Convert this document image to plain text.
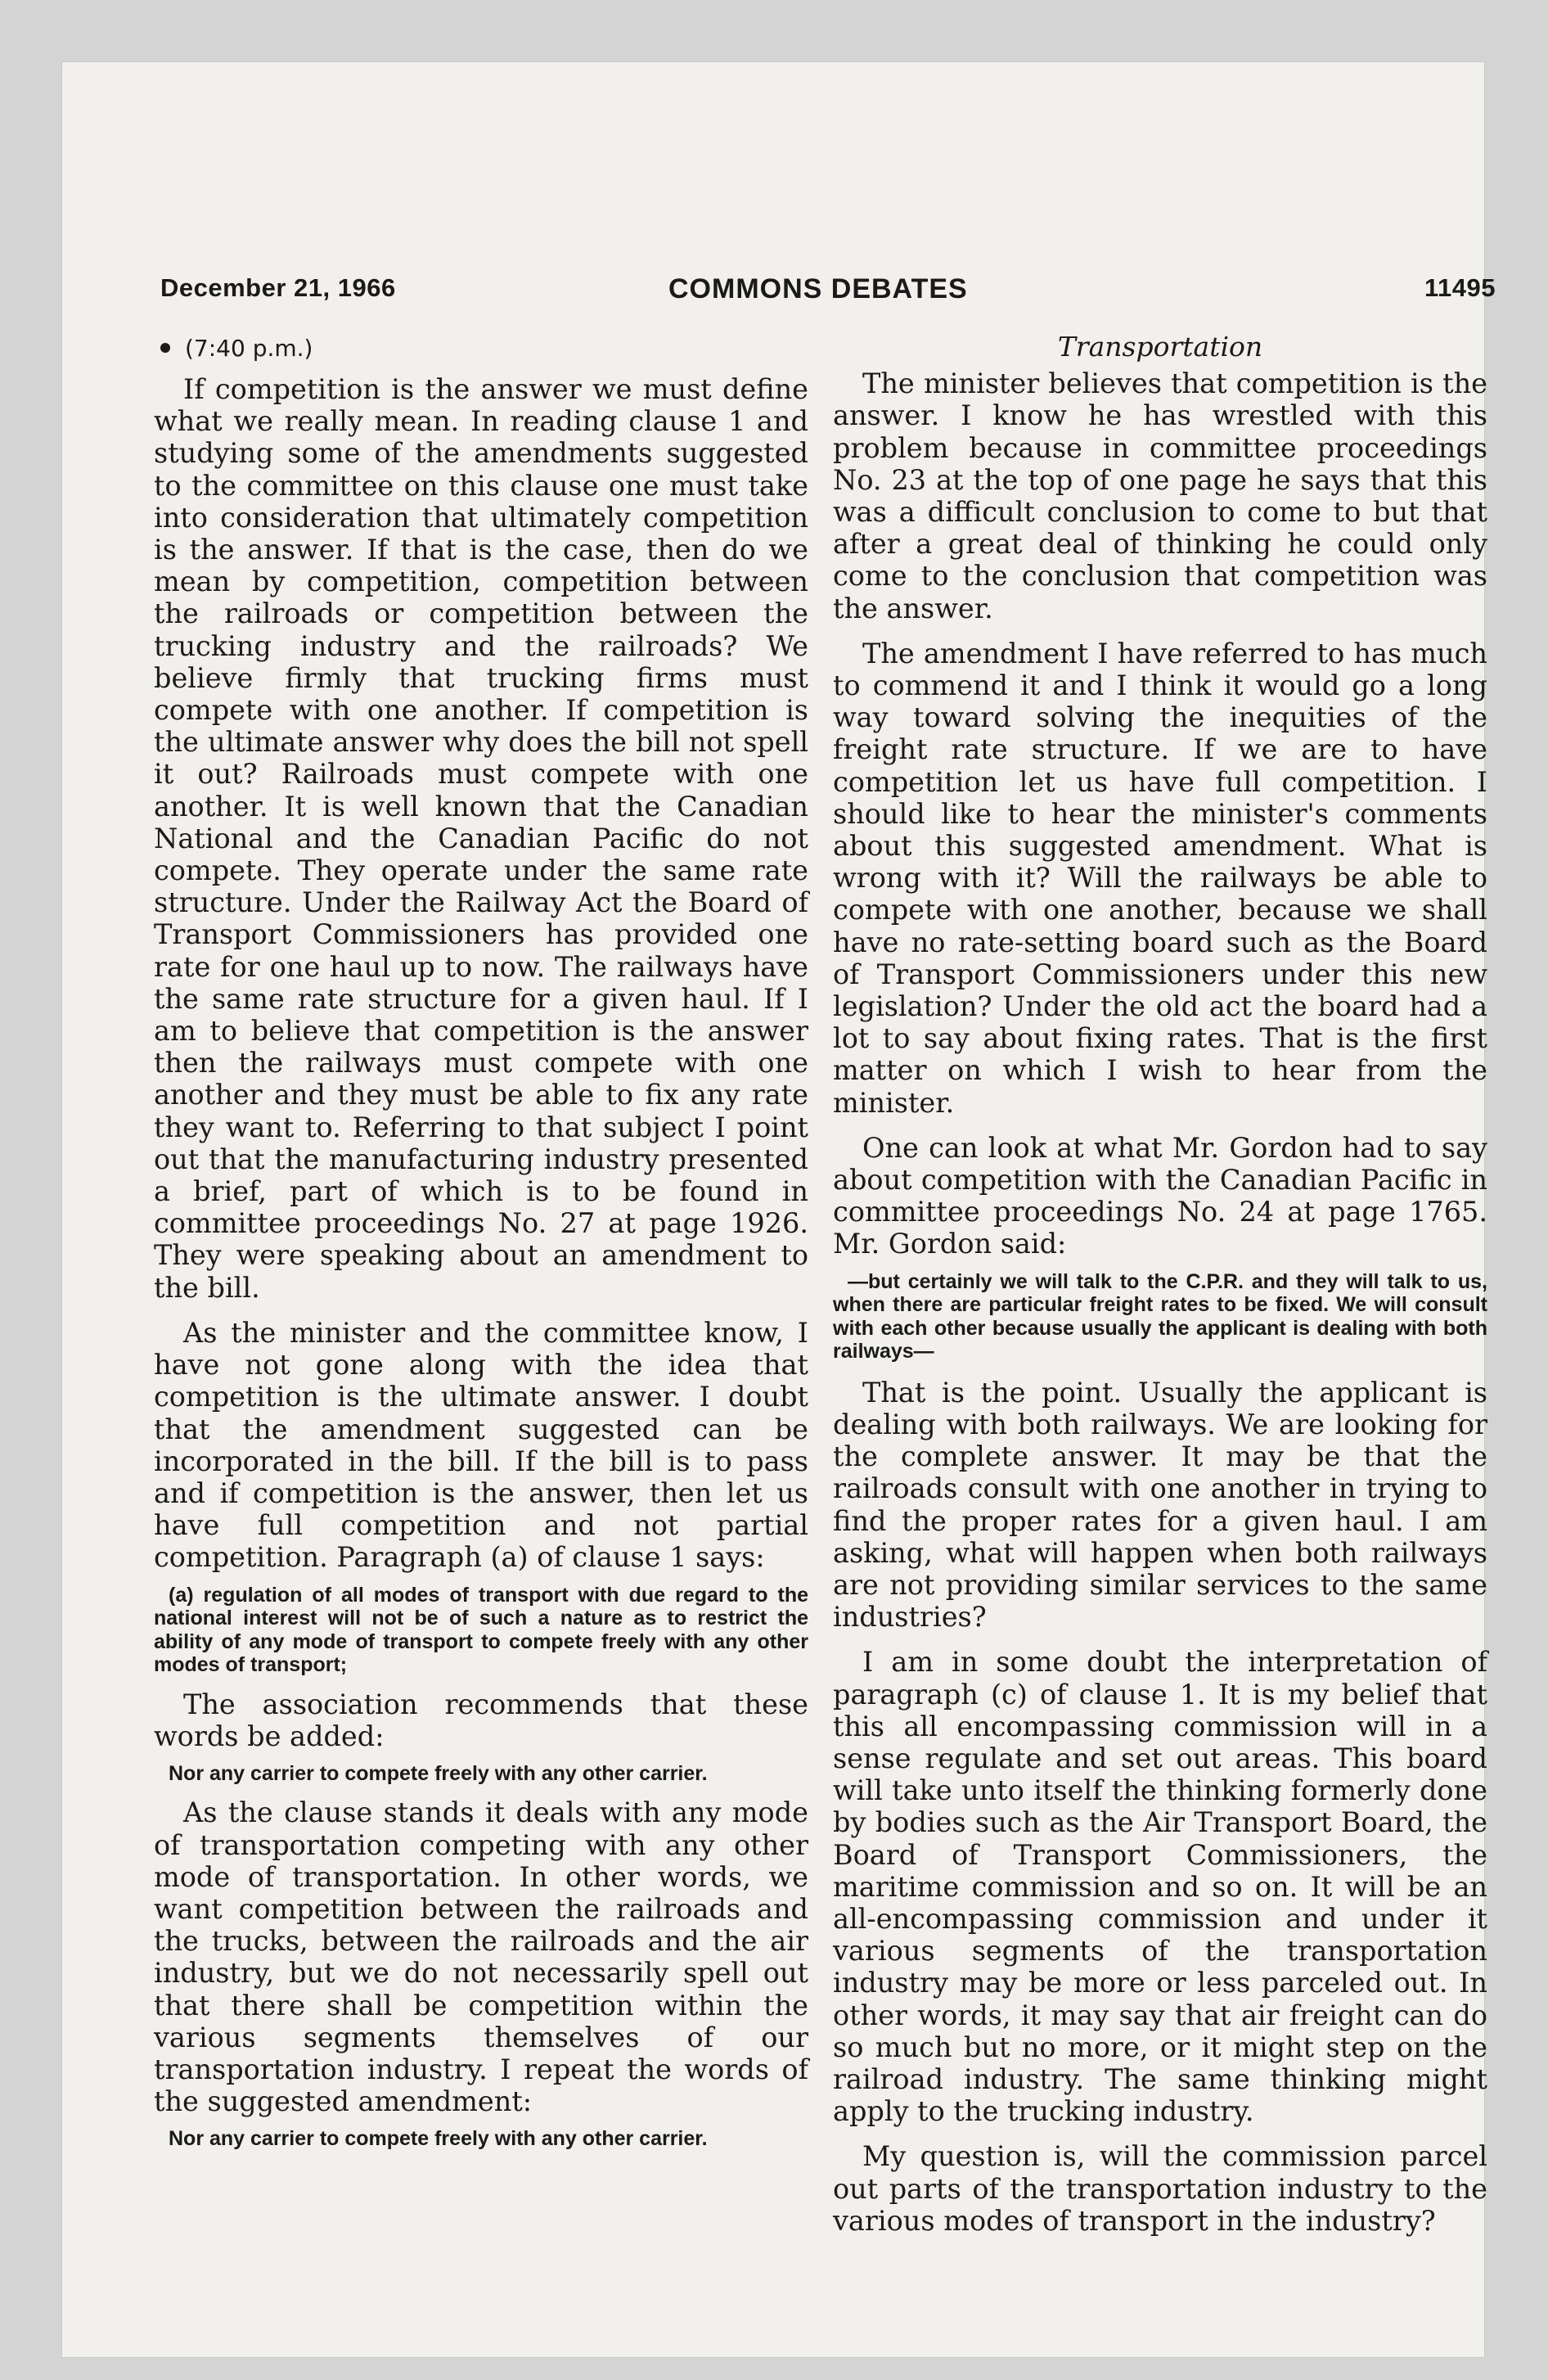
December 21, 1966	COMMONS DEBATES	11495
(7:40 p.m.)

If competition is the answer we must define what we really mean. In reading clause 1 and studying some of the amendments suggested to the committee on this clause one must take into consideration that ultimately competition is the answer. If that is the case, then do we mean by competition, competition between the railroads or competition between the trucking industry and the railroads? We believe firmly that trucking firms must compete with one another. If competition is the ultimate answer why does the bill not spell it out? Railroads must compete with one another. It is well known that the Canadian National and the Canadian Pacific do not compete. They operate under the same rate structure. Under the Railway Act the Board of Transport Commissioners has provided one rate for one haul up to now. The railways have the same rate structure for a given haul. If I am to believe that competition is the answer then the railways must compete with one another and they must be able to fix any rate they want to. Referring to that subject I point out that the manufacturing industry presented a brief, part of which is to be found in committee proceedings No. 27 at page 1926. They were speaking about an amendment to the bill.

As the minister and the committee know, I have not gone along with the idea that competition is the ultimate answer. I doubt that the amendment suggested can be incorporated in the bill. If the bill is to pass and if competition is the answer, then let us have full competition and not partial competition. Paragraph (a) of clause 1 says:

(a) regulation of all modes of transport with due regard to the national interest will not be of such a nature as to restrict the ability of any mode of transport to compete freely with any other modes of transport;

The association recommends that these words be added:

Nor any carrier to compete freely with any other carrier.

As the clause stands it deals with any mode of transportation competing with any other mode of transportation. In other words, we want competition between the railroads and the trucks, between the railroads and the air industry, but we do not necessarily spell out that there shall be competition within the various segments themselves of our transportation industry. I repeat the words of the suggested amendment:

Nor any carrier to compete freely with any other carrier.

Transportation

The minister believes that competition is the answer. I know he has wrestled with this problem because in committee proceedings No. 23 at the top of one page he says that this was a difficult conclusion to come to but that after a great deal of thinking he could only come to the conclusion that competition was the answer.

The amendment I have referred to has much to commend it and I think it would go a long way toward solving the inequities of the freight rate structure. If we are to have competition let us have full competition. I should like to hear the minister's comments about this suggested amendment. What is wrong with it? Will the railways be able to compete with one another, because we shall have no rate-setting board such as the Board of Transport Commissioners under this new legislation? Under the old act the board had a lot to say about fixing rates. That is the first matter on which I wish to hear from the minister.

One can look at what Mr. Gordon had to say about competition with the Canadian Pacific in committee proceedings No. 24 at page 1765. Mr. Gordon said:

—but certainly we will talk to the C.P.R. and they will talk to us, when there are particular freight rates to be fixed. We will consult with each other because usually the applicant is dealing with both railways—

That is the point. Usually the applicant is dealing with both railways. We are looking for the complete answer. It may be that the railroads consult with one another in trying to find the proper rates for a given haul. I am asking, what will happen when both railways are not providing similar services to the same industries?

I am in some doubt the interpretation of paragraph (c) of clause 1. It is my belief that this all encompassing commission will in a sense regulate and set out areas. This board will take unto itself the thinking formerly done by bodies such as the Air Transport Board, the Board of Transport Commissioners, the maritime commission and so on. It will be an all-encompassing commission and under it various segments of the transportation industry may be more or less parceled out. In other words, it may say that air freight can do so much but no more, or it might step on the railroad industry. The same thinking might apply to the trucking industry.

My question is, will the commission parcel out parts of the transportation industry to the various modes of transport in the industry?
